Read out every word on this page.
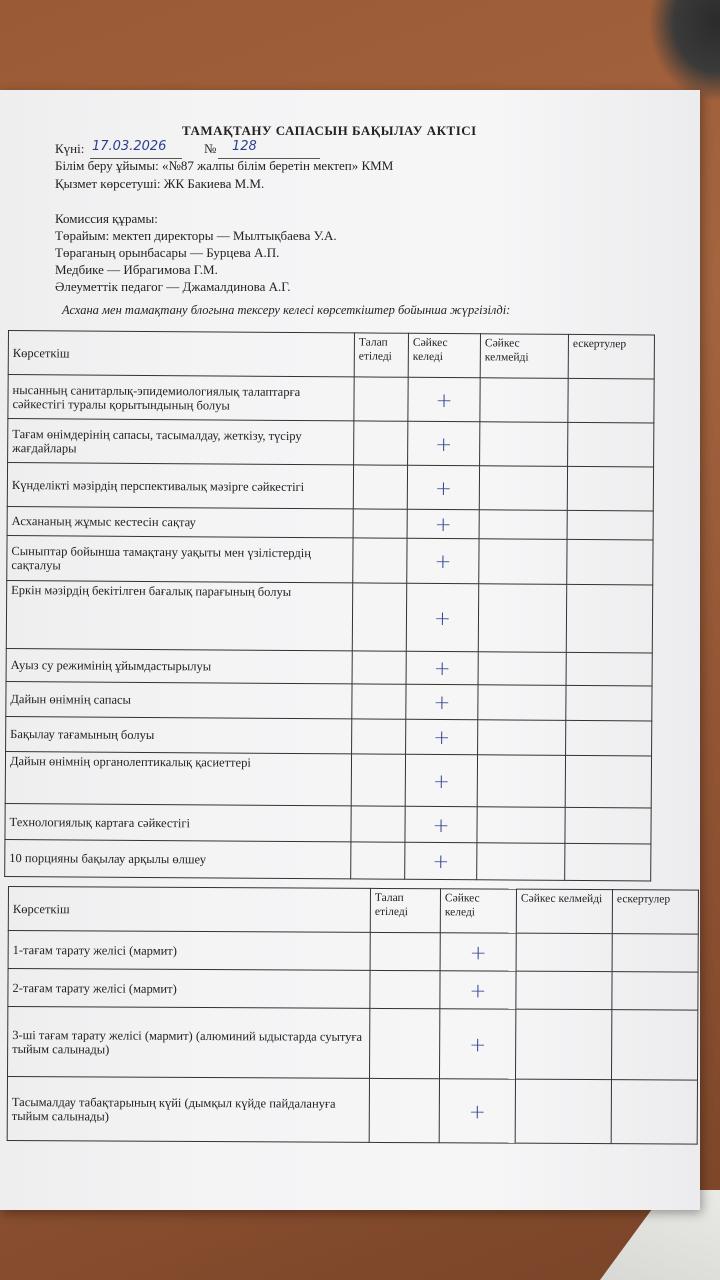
ТАМАҚТАНУ САПАСЫН БАҚЫЛАУ АКТІСІ
Күні: 17.03.2026	№ 128
Білім беру ұйымы: «№87 жалпы білім беретін мектеп» КММ
Қызмет көрсетуші: ЖК Бакиева М.М.
Комиссия құрамы:
Төрайым: мектеп директоры — Мылтықбаева У.А.
Төраганың орынбасары — Бурцева А.П.
Медбике — Ибрагимова Г.М.
Әлеуметтік педагог — Джамалдинова А.Г.
Асхана мен тамақтану блогына тексеру келесі көрсеткіштер бойынша жүргізілді:
Көрсеткіш	Талап етіледі	Сәйкес келеді	Сәйкес келмейді	ескертулер
нысанның санитарлық-эпидемиологиялық талаптарға сәйкестігі туралы қорытындының болуы		+		
Тағам өнімдерінің сапасы, тасымалдау, жеткізу, түсіру жағдайлары		+		
Күнделікті мәзірдің перспективалық мәзірге сәйкестігі		+		
Асхананың жұмыс кестесін сақтау		+		
Сыныптар бойынша тамақтану уақыты мен үзілістердің сақталуы		+		
Еркін мәзірдің бекітілген бағалық парағының болуы		+		
Ауыз су режимінің ұйымдастырылуы		+		
Дайын өнімнің сапасы		+		
Бақылау тағамының болуы		+		
Дайын өнімнің органолептикалық қасиеттері		+		
Технологиялық картаға сәйкестігі		+		
10 порцияны бақылау арқылы өлшеу		+		
Көрсеткіш	Талап етіледі	Сәйкес келеді	Сәйкес келмейді	ескертулер
1-тағам тарату желісі (мармит)		+		
2-тағам тарату желісі (мармит)		+		
3-ші тағам тарату желісі (мармит) (алюминий ыдыстарда суытуға тыйым салынады)		+		
Тасымалдау табақтарының күйі (дымқыл күйде пайдалануға тыйым салынады)		+		
